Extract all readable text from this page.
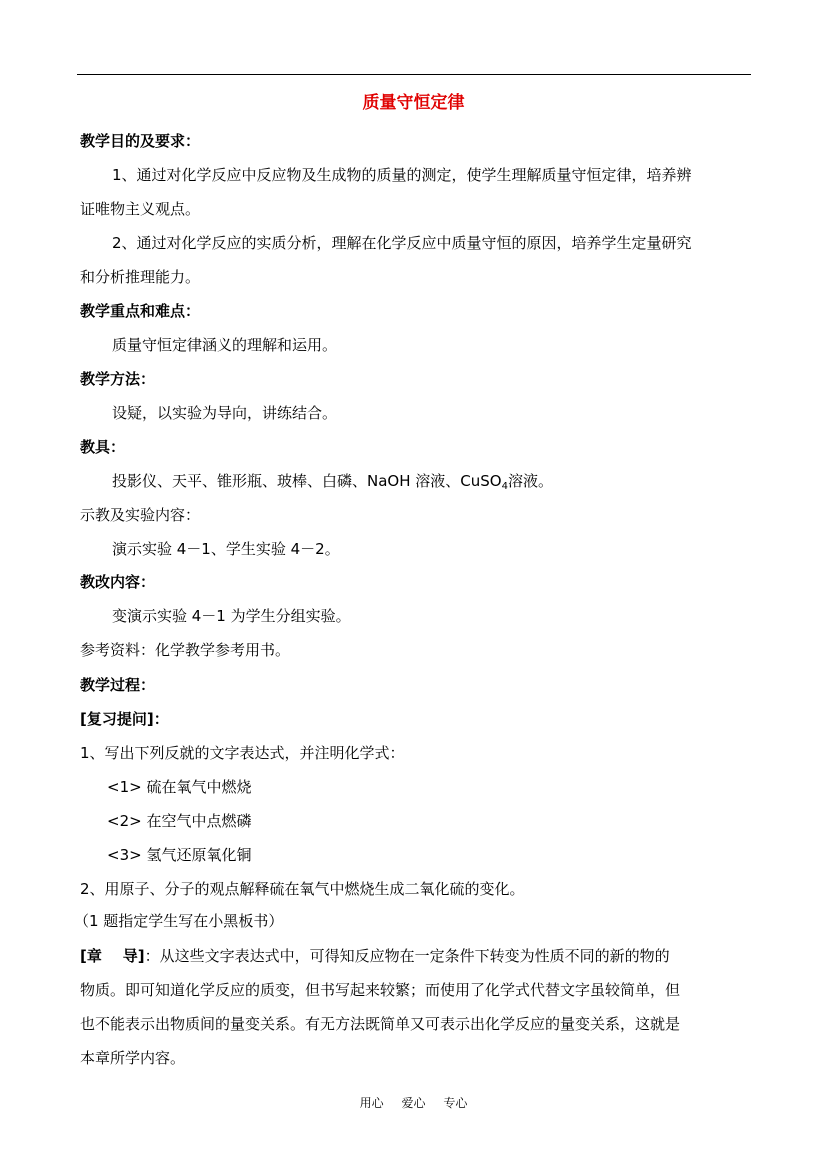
质量守恒定律
教学目的及要求：
1、通过对化学反应中反应物及生成物的质量的测定，使学生理解质量守恒定律，培养辨
证唯物主义观点。
2、通过对化学反应的实质分析，理解在化学反应中质量守恒的原因，培养学生定量研究
和分析推理能力。
教学重点和难点：
质量守恒定律涵义的理解和运用。
教学方法：
设疑，以实验为导向，讲练结合。
教具：
投影仪、天平、锥形瓶、玻棒、白磷、NaOH 溶液、CuSO$_4$溶液。
示教及实验内容：
演示实验 4－1、学生实验 4－2。
教改内容：
变演示实验 4－1 为学生分组实验。
参考资料：化学教学参考用书。
教学过程：
[复习提问]：
1、写出下列反就的文字表达式，并注明化学式：
<1> 硫在氧气中燃烧
<2> 在空气中点燃磷
<3> 氢气还原氧化铜
2、用原子、分子的观点解释硫在氧气中燃烧生成二氧化硫的变化。
（1 题指定学生写在小黑板书）
[章    导]：从这些文字表达式中，可得知反应物在一定条件下转变为性质不同的新的物的
物质。即可知道化学反应的质变，但书写起来较繁；而使用了化学式代替文字虽较简单，但
也不能表示出物质间的量变关系。有无方法既简单又可表示出化学反应的量变关系，这就是
本章所学内容。
用心 爱心 专心
